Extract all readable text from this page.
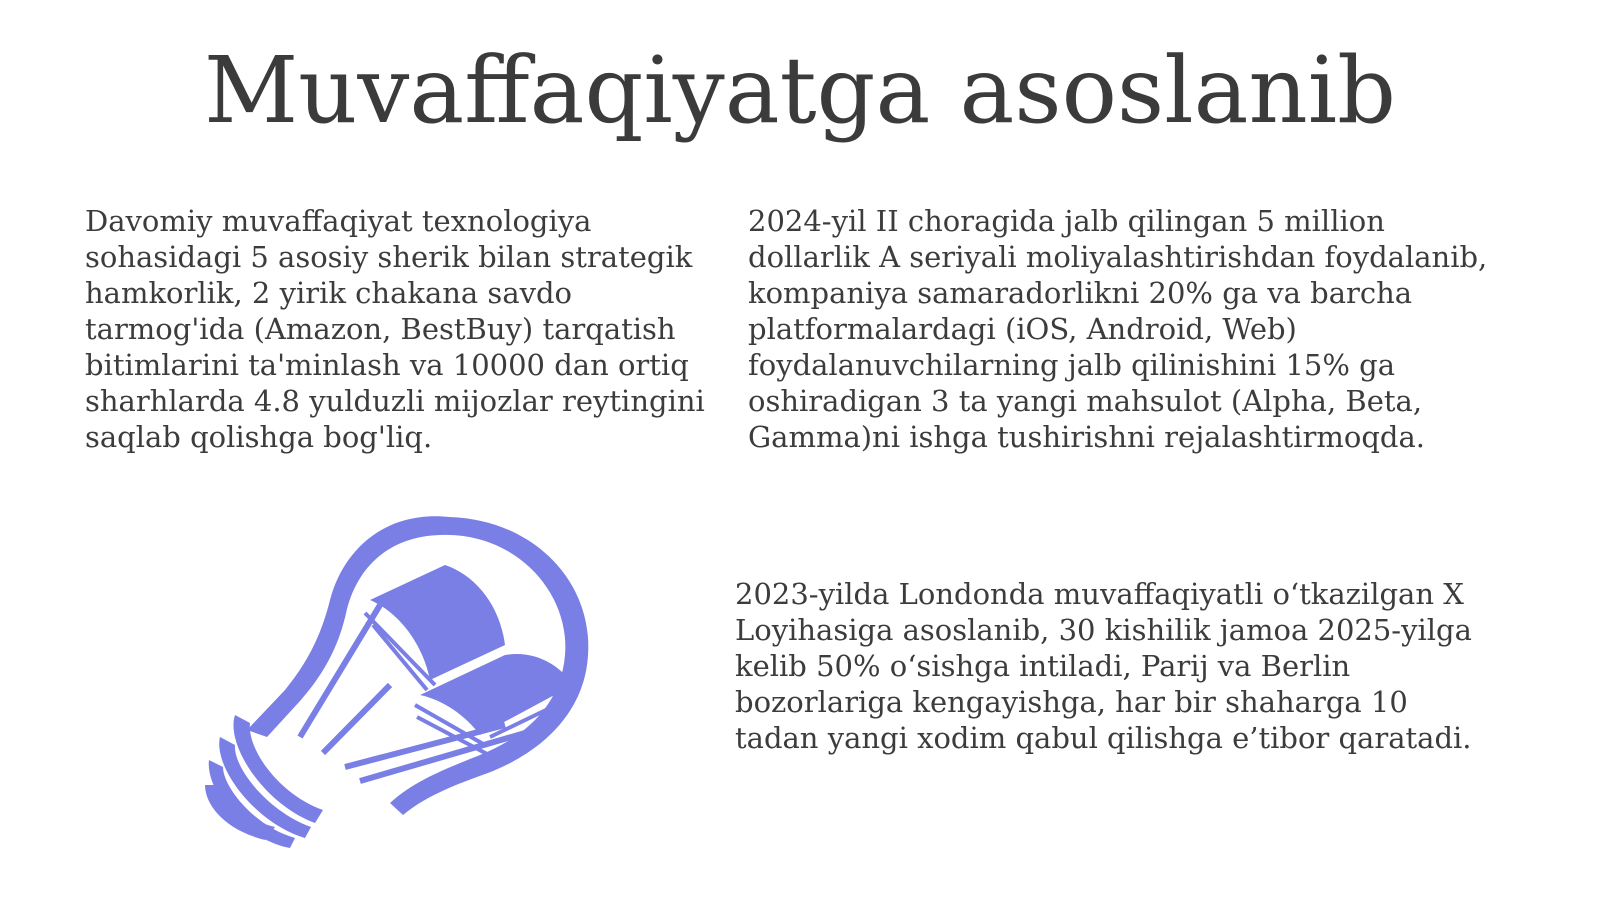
Muvaffaqiyatga asoslanib
Davomiy muvaffaqiyat texnologiya sohasidagi 5 asosiy sherik bilan strategik hamkorlik, 2 yirik chakana savdo tarmog'ida (Amazon, BestBuy) tarqatish bitimlarini ta'minlash va 10000 dan ortiq sharhlarda 4.8 yulduzli mijozlar reytingini saqlab qolishga bog'liq.
2024-yil II choragida jalb qilingan 5 million dollarlik A seriyali moliyalashtirishdan foydalanib, kompaniya samaradorlikni 20% ga va barcha platformalardagi (iOS, Android, Web) foydalanuvchilarning jalb qilinishini 15% ga oshiradigan 3 ta yangi mahsulot (Alpha, Beta, Gamma)ni ishga tushirishni rejalashtirmoqda.
2023-yilda Londonda muvaffaqiyatli o‘tkazilgan X Loyihasiga asoslanib, 30 kishilik jamoa 2025-yilga kelib 50% o‘sishga intiladi, Parij va Berlin bozorlariga kengayishga, har bir shaharga 10 tadan yangi xodim qabul qilishga e’tibor qaratadi.
